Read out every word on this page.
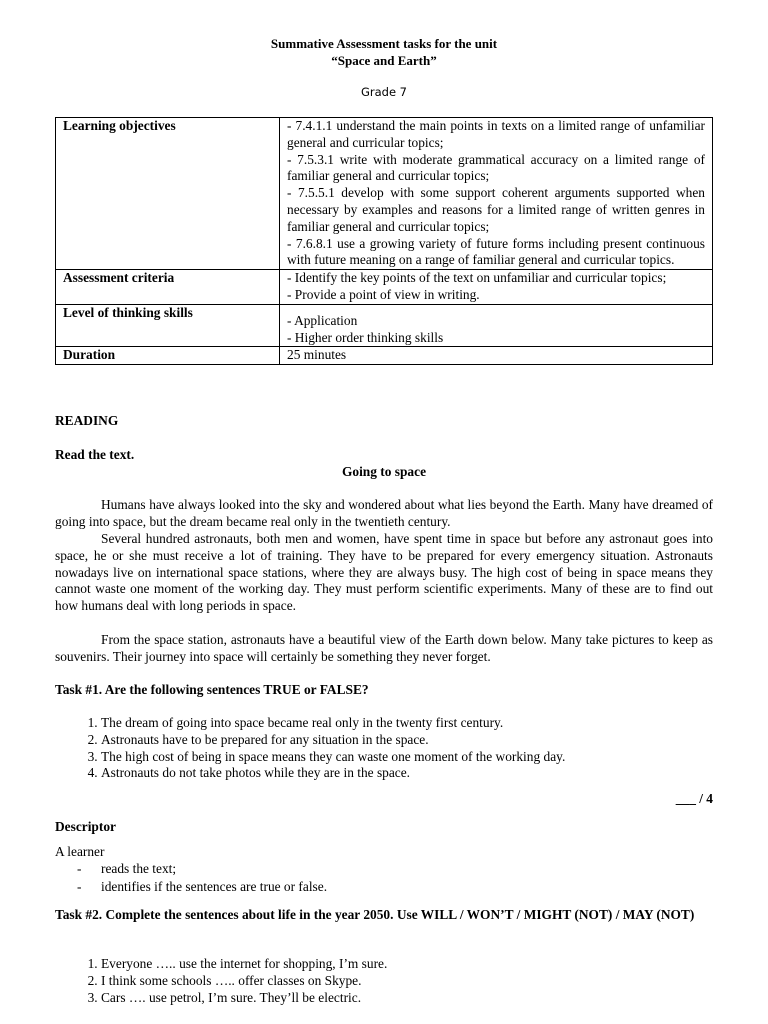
Summative Assessment tasks for the unit
“Space and Earth”
Grade 7
Learning objectives	- 7.4.1.1 understand the main points in texts on a limited range of unfamiliar general and curricular topics;
- 7.5.3.1 write with moderate grammatical accuracy on a limited range of familiar general and curricular topics;
- 7.5.5.1 develop with some support coherent arguments supported when necessary by examples and reasons for a limited range of written genres in familiar general and curricular topics;
- 7.6.8.1 use a growing variety of future forms including present continuous with future meaning on a range of familiar general and curricular topics.

Assessment criteria	- Identify the key points of the text on unfamiliar and curricular topics;
- Provide a point of view in writing.

Level of thinking skills	- Application
- Higher order thinking skills

Duration	25 minutes
READING
Read the text.
Going to space
Humans have always looked into the sky and wondered about what lies beyond the Earth. Many have dreamed of going into space, but the dream became real only in the twentieth century.
Several hundred astronauts, both men and women, have spent time in space but before any astronaut goes into space, he or she must receive a lot of training. They have to be prepared for every emergency situation. Astronauts nowadays live on international space stations, where they are always busy. The high cost of being in space means they cannot waste one moment of the working day. They must perform scientific experiments. Many of these are to find out how humans deal with long periods in space.
From the space station, astronauts have a beautiful view of the Earth down below. Many take pictures to keep as souvenirs. Their journey into space will certainly be something they never forget.
Task #1. Are the following sentences TRUE or FALSE?
1. The dream of going into space became real only in the twenty first century.
2. Astronauts have to be prepared for any situation in the space.
3. The high cost of being in space means they can waste one moment of the working day.
4. Astronauts do not take photos while they are in the space.
___ / 4
Descriptor
A learner
- reads the text;
- identifies if the sentences are true or false.
Task #2. Complete the sentences about life in the year 2050. Use WILL / WON’T / MIGHT (NOT) / MAY (NOT)
1. Everyone ….. use the internet for shopping, I’m sure.
2. I think some schools ….. offer classes on Skype.
3. Cars …. use petrol, I’m sure. They’ll be electric.
